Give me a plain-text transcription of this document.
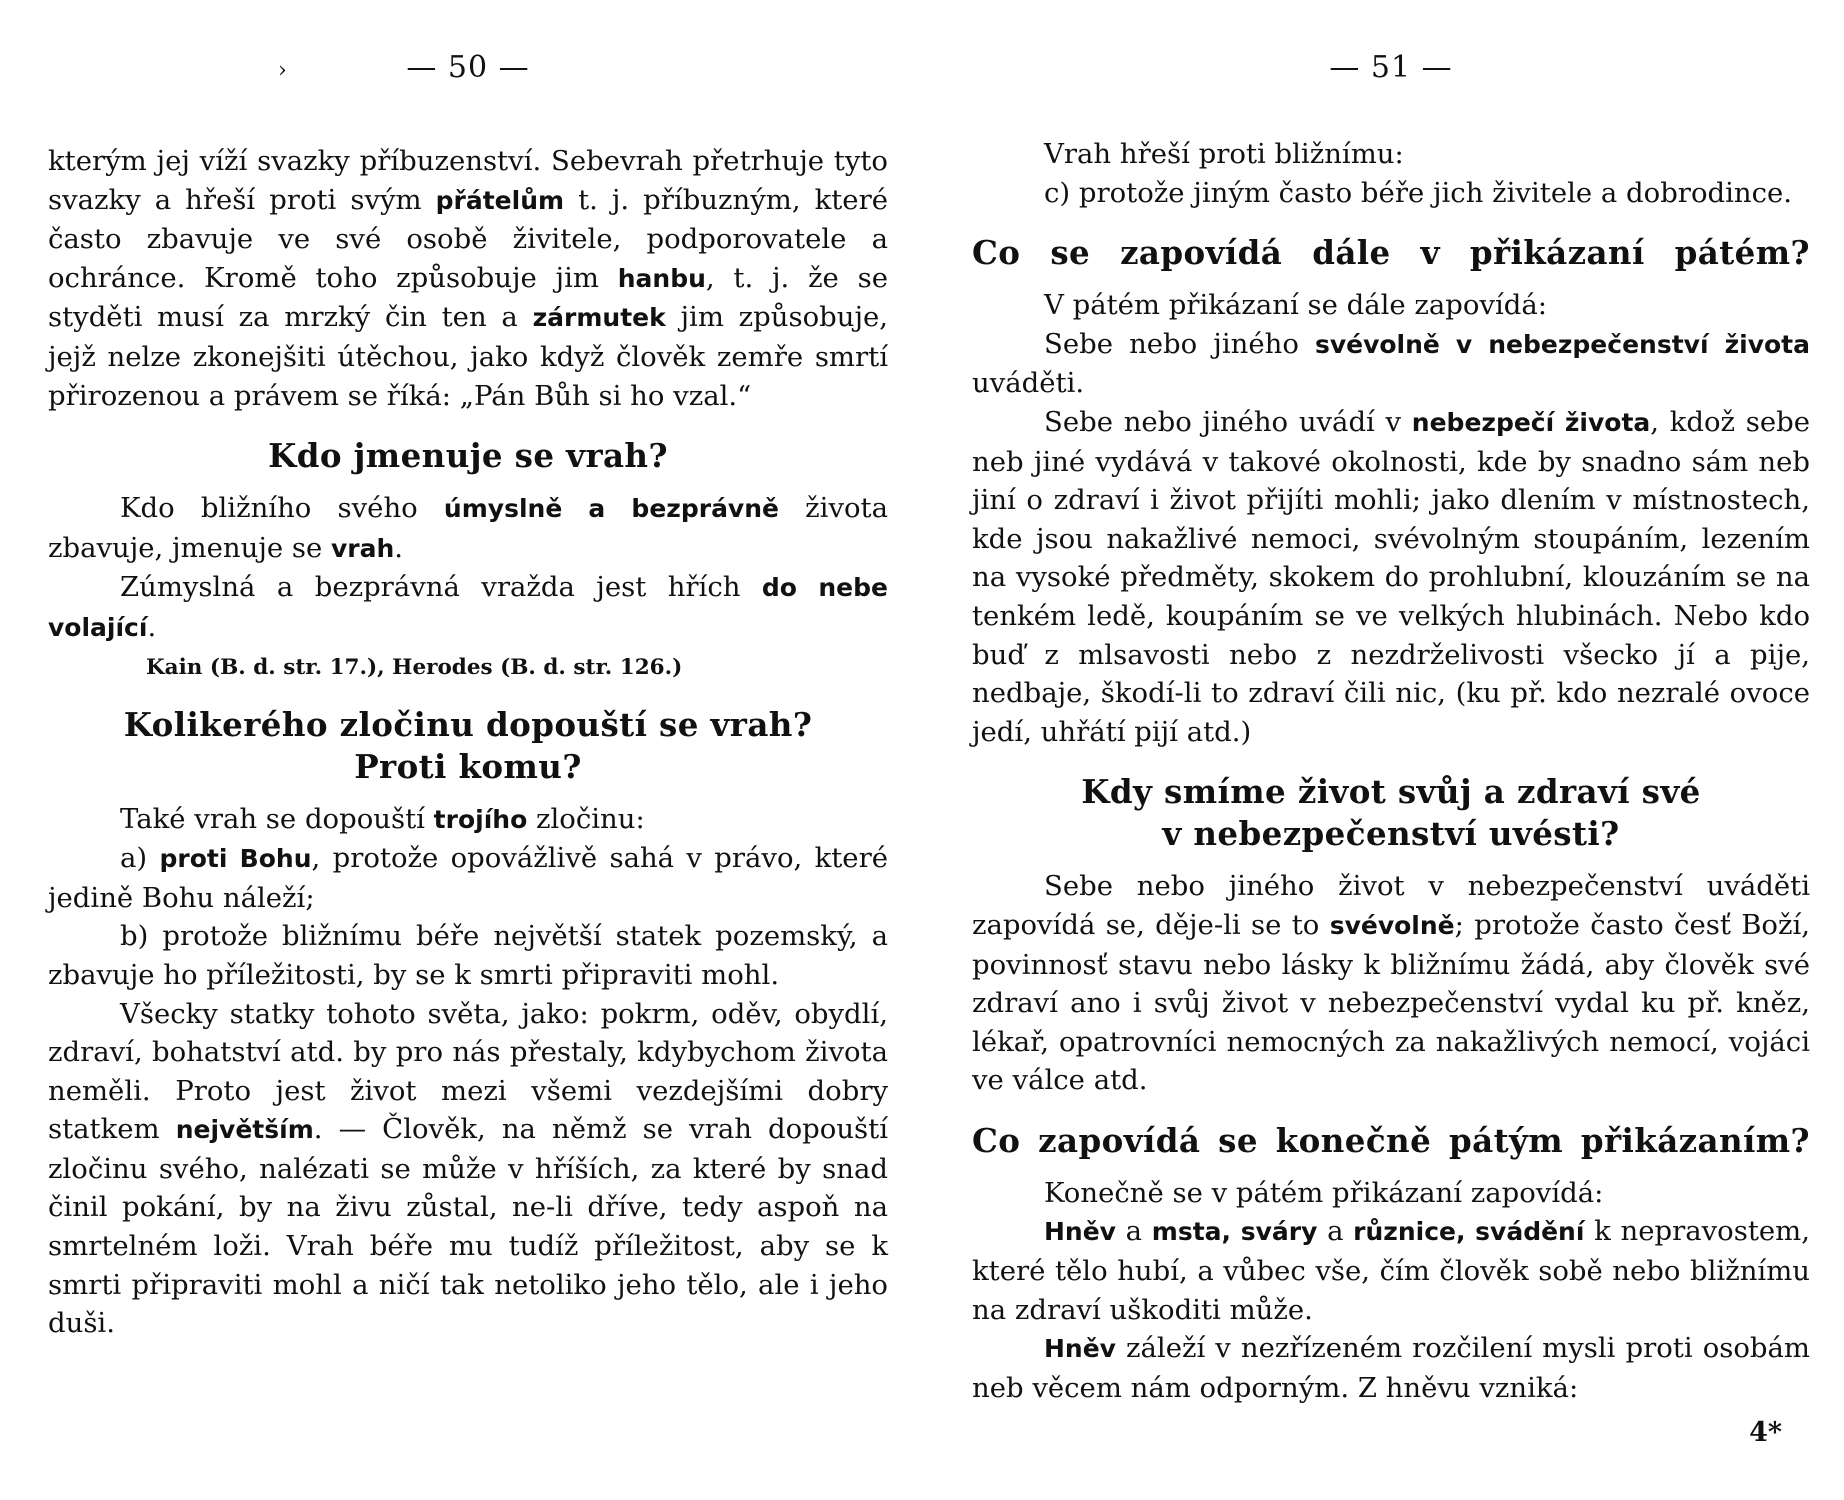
›	— 50 —

kterým jej víží svazky příbuzenství. Sebevrah přetrhuje tyto svazky a hřeší proti svým přátelům t. j. příbuzným, které často zbavuje ve své osobě živitele, podporovatele a ochránce. Kromě toho způsobuje jim hanbu, t. j. že se styděti musí za mrzký čin ten a zármutek jim způsobuje, jejž nelze zkonejšiti útěchou, jako když člověk zemře smrtí přirozenou a právem se říká: „Pán Bůh si ho vzal.“

Kdo jmenuje se vrah?

Kdo bližního svého úmyslně a bezprávně života zbavuje, jmenuje se vrah.

Zúmyslná a bezprávná vražda jest hřích do nebe volající.

Kain (B. d. str. 17.), Herodes (B. d. str. 126.)

Kolikerého zločinu dopouští se vrah?
Proti komu?

Také vrah se dopouští trojího zločinu:

a) proti Bohu, protože opovážlivě sahá v právo, které jedině Bohu náleží;

b) protože bližnímu béře největší statek pozemský, a zbavuje ho příležitosti, by se k smrti připraviti mohl.

Všecky statky tohoto světa, jako: pokrm, oděv, obydlí, zdraví, bohatství atd. by pro nás přestaly, kdybychom života neměli. Proto jest život mezi všemi vezdejšími dobry statkem největším. — Člověk, na němž se vrah dopouští zločinu svého, nalézati se může v hříších, za které by snad činil pokání, by na živu zůstal, ne-li dříve, tedy aspoň na smrtelném loži. Vrah béře mu tudíž příležitost, aby se k smrti připraviti mohl a ničí tak netoliko jeho tělo, ale i jeho duši.

— 51 —

Vrah hřeší proti bližnímu:

c) protože jiným často béře jich živitele a dobrodince.

Co se zapovídá dále v přikázaní pátém?

V pátém přikázaní se dále zapovídá:

Sebe nebo jiného svévolně v nebezpečenství života uváděti.

Sebe nebo jiného uvádí v nebezpečí života, kdož sebe neb jiné vydává v takové okolnosti, kde by snadno sám neb jiní o zdraví i život přijíti mohli; jako dlením v místnostech, kde jsou nakažlivé nemoci, svévolným stoupáním, lezením na vysoké předměty, skokem do prohlubní, klouzáním se na tenkém ledě, koupáním se ve velkých hlubinách. Nebo kdo buď z mlsavosti nebo z nezdrželivosti všecko jí a pije, nedbaje, škodí-li to zdraví čili nic, (ku př. kdo nezralé ovoce jedí, uhřátí pijí atd.)

Kdy smíme život svůj a zdraví své
v nebezpečenství uvésti?

Sebe nebo jiného život v nebezpečenství uváděti zapovídá se, děje-li se to svévolně; protože často česť Boží, povinnosť stavu nebo lásky k bližnímu žádá, aby člověk své zdraví ano i svůj život v nebezpečenství vydal ku př. kněz, lékař, opatrovníci nemocných za nakažlivých nemocí, vojáci ve válce atd.

Co zapovídá se konečně pátým přikázaním?

Konečně se v pátém přikázaní zapovídá:

Hněv a msta, sváry a různice, svádění k nepravostem, které tělo hubí, a vůbec vše, čím člověk sobě nebo bližnímu na zdraví uškoditi může.

Hněv záleží v nezřízeném rozčilení mysli proti osobám neb věcem nám odporným. Z hněvu vzniká:

4*
